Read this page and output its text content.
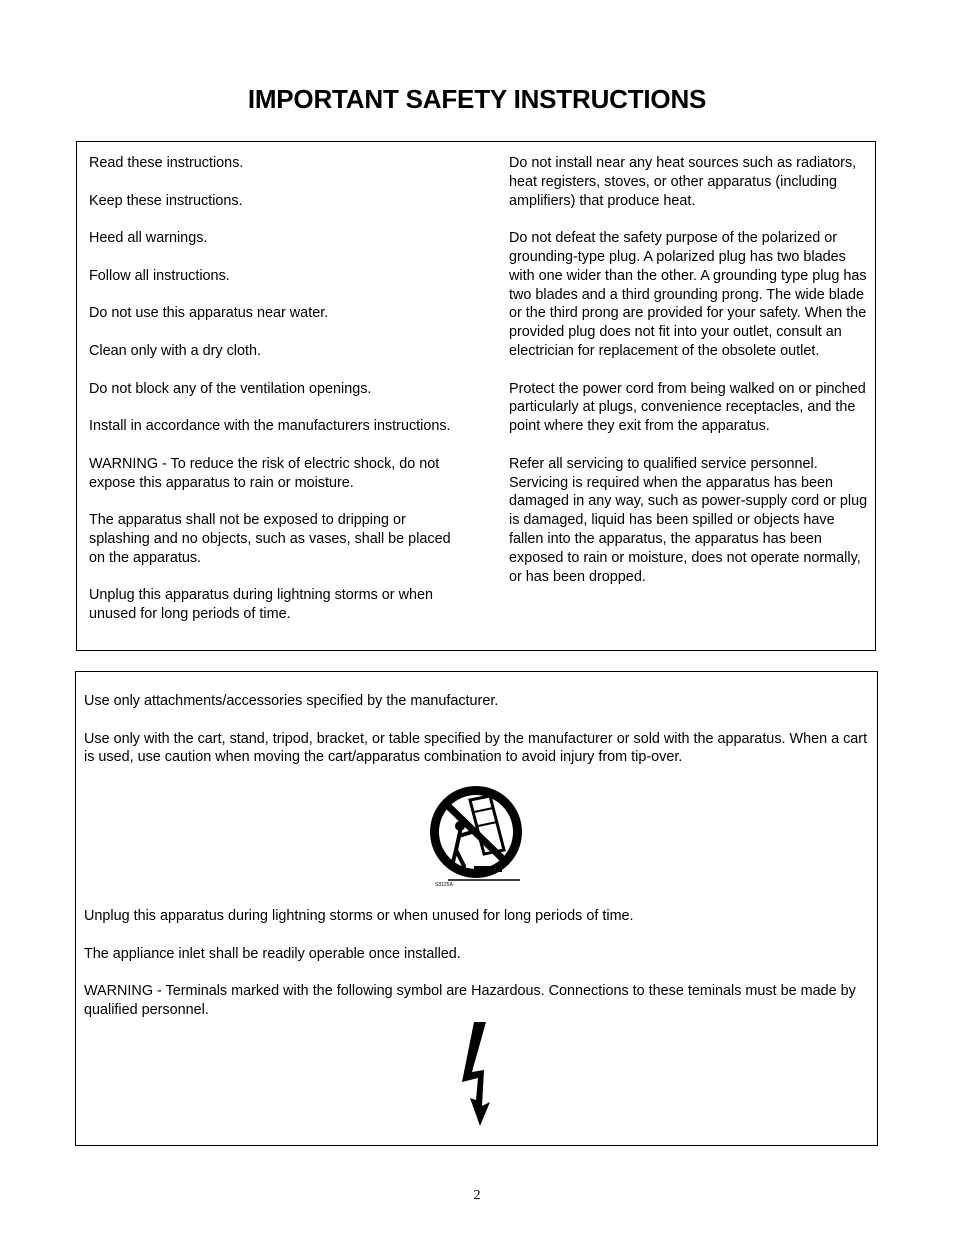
IMPORTANT SAFETY INSTRUCTIONS

Read these instructions.

Keep these instructions.

Heed all warnings.

Follow all instructions.

Do not use this apparatus near water.

Clean only with a dry cloth.

Do not block any of the ventilation openings.

Install in accordance with the manufacturers instructions.

WARNING - To reduce the risk of electric shock, do not expose this apparatus to rain or moisture.

The apparatus shall not be exposed to dripping or splashing and no objects, such as vases, shall be placed on the apparatus.

Unplug this apparatus during lightning storms or when unused for long periods of time.

Do not install near any heat sources such as radiators, heat registers, stoves, or other apparatus (including amplifiers) that produce heat.

Do not defeat the safety purpose of the polarized or grounding-type plug. A polarized plug has two blades with one wider than the other. A grounding type plug has two blades and a third grounding prong. The wide blade or the third prong are provided for your safety. When the provided plug does not fit into your outlet, consult an electrician for replacement of the obsolete outlet.

Protect the power cord from being walked on or pinched particularly at plugs, convenience receptacles, and the point where they exit from the apparatus.

Refer all servicing to qualified service personnel. Servicing is required when the apparatus has been damaged in any way, such as power-supply cord or plug is damaged, liquid has been spilled or objects have fallen into the apparatus, the apparatus has been exposed to rain or moisture, does not operate normally, or has been dropped.

Use only attachments/accessories specified by the manufacturer.

Use only with the cart, stand, tripod, bracket, or table specified by the manufacturer or sold with the apparatus. When a cart is used, use caution when moving the cart/apparatus combination to avoid injury from tip-over.

S3125A

Unplug this apparatus during lightning storms or when unused for long periods of time.

The appliance inlet shall be readily operable once installed.

WARNING - Terminals marked with the following symbol are Hazardous. Connections to these teminals must be made by qualified personnel.

2
